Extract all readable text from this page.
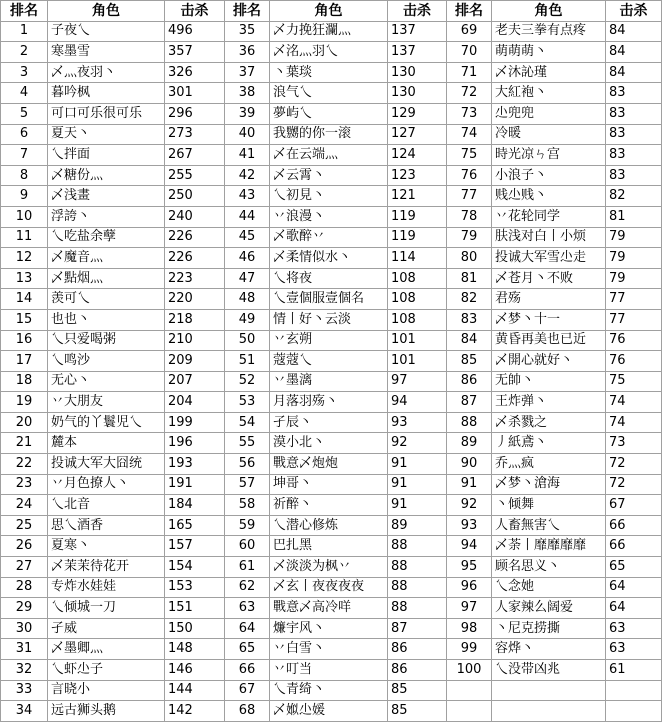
排名	角色	击杀	排名	角色	击杀	排名	角色	击杀
1	子夜乀	496	35	乄力挽狂瀾灬	137	69	老夫三拳有点疼	84
2	寒墨雪	357	36	乄洺灬羽乀	137	70	萌萌萌丶	84
3	乄灬夜羽丶	326	37	丶葉琰	130	71	乄沐訫瑾	84
4	暮吟枫	301	38	浪气乀	130	72	大紅袍丶	83
5	可口可乐很可乐	296	39	夢屿乀	129	73	尐兜兜	83
6	夏天丶	273	40	我嬲的你一滚	127	74	冷暖	83
7	乀拌面	267	41	乄在云端灬	124	75	時光凉ㄣ宫	83
8	乄糖份灬	255	42	乄云霄丶	123	76	小浪子丶	83
9	乄浅畫	250	43	乀初見丶	121	77	贱尐贱丶	82
10	浮誇丶	240	44	丷浪漫丶	119	78	丷花轮同学	81
11	乀吃盐余孽	226	45	乄歌醉丷	119	79	肤浅对白丨小烦	79
12	乄魔音灬	226	46	乄柔情似水丶	114	80	投诚大军雪尐走	79
13	乄點烟灬	223	47	乀将夜	108	81	乄苍月丶不败	79
14	羡可乀	220	48	乀壹個服壹個名	108	82	君殇	77
15	也也丶	218	49	情丨好丶云淡	108	83	乄梦丶十一	77
16	乀只爱喝粥	210	50	丷玄朔	101	84	黄昏再美也已近	76
17	乀鸣沙	209	51	蔻蔻乀	101	85	乄開心就好丶	76
18	无心丶	207	52	丷墨漓	97	86	无帥丶	75
19	丷大朋友	204	53	月落羽殇丶	94	87	王炸弹丶	74
20	奶气的丫鬟児乀	199	54	孑辰丶	93	88	乄杀戮之	74
21	麓本	196	55	漠小北丶	92	89	丿紙鳶丶	73
22	投诚大军大囧统	193	56	戰意乄炮炮	91	90	乔灬疯	72
23	丷月色撩人丶	191	57	坤哥丶	91	91	乄梦丶滄海	72
24	乀北音	184	58	祈醉丶	91	92	丶倾舞	67
25	思乀酒香	165	59	乀潜心修炼	89	93	人畜無害乀	66
26	夏寒丶	157	60	巴扎黑	88	94	乄荼丨靡靡靡靡	66
27	乄茉茉待花开	154	61	乄淡淡为枫丷	88	95	顾名思义丶	65
28	专炸水娃娃	153	62	乄玄丨夜夜夜夜	88	96	乀念她	64
29	乀倾城一刀	151	63	戰意乄高冷咩	88	97	人家辣么阔爱	64
30	孑威	150	64	燫宇风丶	87	98	丶尼克捞撕	63
31	乄墨卿灬	148	65	丷白雪丶	86	99	容烨丶	63
32	乀虾尐子	146	66	丷叮当	86	100	乀没带凶兆	61
33	言晓小	144	67	乀青绮丶	85			
34	远古狮头鹅	142	68	乄娰尐媛	85			
